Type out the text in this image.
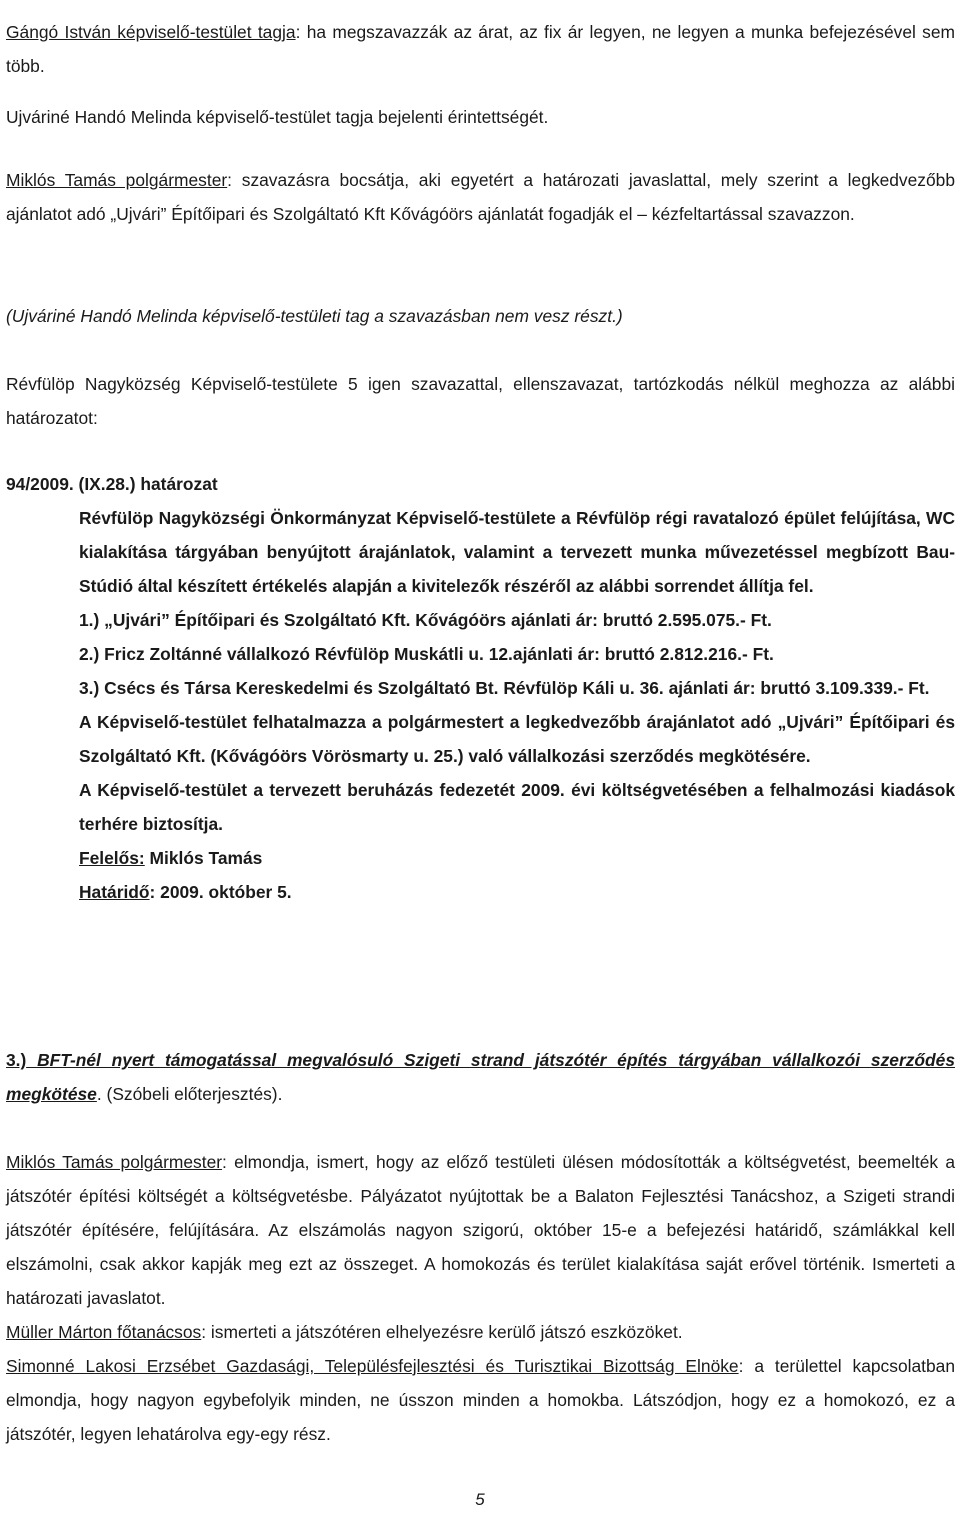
Gángó István képviselő-testület tagja: ha megszavazzák az árat, az fix ár legyen, ne legyen a munka befejezésével sem több.

Ujváriné Handó Melinda képviselő-testület tagja bejelenti érintettségét.

Miklós Tamás polgármester: szavazásra bocsátja, aki egyetért a határozati javaslattal, mely szerint a legkedvezőbb ajánlatot adó „Ujvári” Építőipari és Szolgáltató Kft Kővágóörs ajánlatát fogadják el – kézfeltartással szavazzon.

(Ujváriné Handó Melinda képviselő-testületi tag a szavazásban nem vesz részt.)

Révfülöp Nagyközség Képviselő-testülete 5 igen szavazattal, ellenszavazat, tartózkodás nélkül meghozza az alábbi határozatot:

94/2009. (IX.28.) határozat

Révfülöp Nagyközségi Önkormányzat Képviselő-testülete a Révfülöp régi ravatalozó épület felújítása, WC kialakítása tárgyában benyújtott árajánlatok, valamint a tervezett munka művezetéssel megbízott Bau-Stúdió által készített értékelés alapján a kivitelezők részéről az alábbi sorrendet állítja fel.

1.) „Ujvári” Építőipari és Szolgáltató Kft. Kővágóörs ajánlati ár: bruttó 2.595.075.- Ft.

2.) Fricz Zoltánné vállalkozó Révfülöp Muskátli u. 12.ajánlati ár: bruttó 2.812.216.- Ft.

3.) Csécs és Társa Kereskedelmi és Szolgáltató Bt. Révfülöp Káli u. 36. ajánlati ár: bruttó 3.109.339.- Ft.

A Képviselő-testület felhatalmazza a polgármestert a legkedvezőbb árajánlatot adó „Ujvári” Építőipari és Szolgáltató Kft. (Kővágóörs Vörösmarty u. 25.) való vállalkozási szerződés megkötésére.

A Képviselő-testület a tervezett beruházás fedezetét 2009. évi költségvetésében a felhalmozási kiadások terhére biztosítja.

Felelős: Miklós Tamás

Határidő: 2009. október 5.

3.) BFT-nél nyert támogatással megvalósuló Szigeti strand játszótér építés tárgyában vállalkozói szerződés megkötése. (Szóbeli előterjesztés).

Miklós Tamás polgármester: elmondja, ismert, hogy az előző testületi ülésen módosították a költségvetést, beemelték a játszótér építési költségét a költségvetésbe. Pályázatot nyújtottak be a Balaton Fejlesztési Tanácshoz, a Szigeti strandi játszótér építésére, felújítására. Az elszámolás nagyon szigorú, október 15-e a befejezési határidő, számlákkal kell elszámolni, csak akkor kapják meg ezt az összeget. A homokozás és terület kialakítása saját erővel történik. Ismerteti a határozati javaslatot.

Müller Márton főtanácsos: ismerteti a játszótéren elhelyezésre kerülő játszó eszközöket.

Simonné Lakosi Erzsébet Gazdasági, Településfejlesztési és Turisztikai Bizottság Elnöke: a területtel kapcsolatban elmondja, hogy nagyon egybefolyik minden, ne ússzon minden a homokba. Látszódjon, hogy ez a homokozó, ez a játszótér, legyen lehatárolva egy-egy rész.

5
